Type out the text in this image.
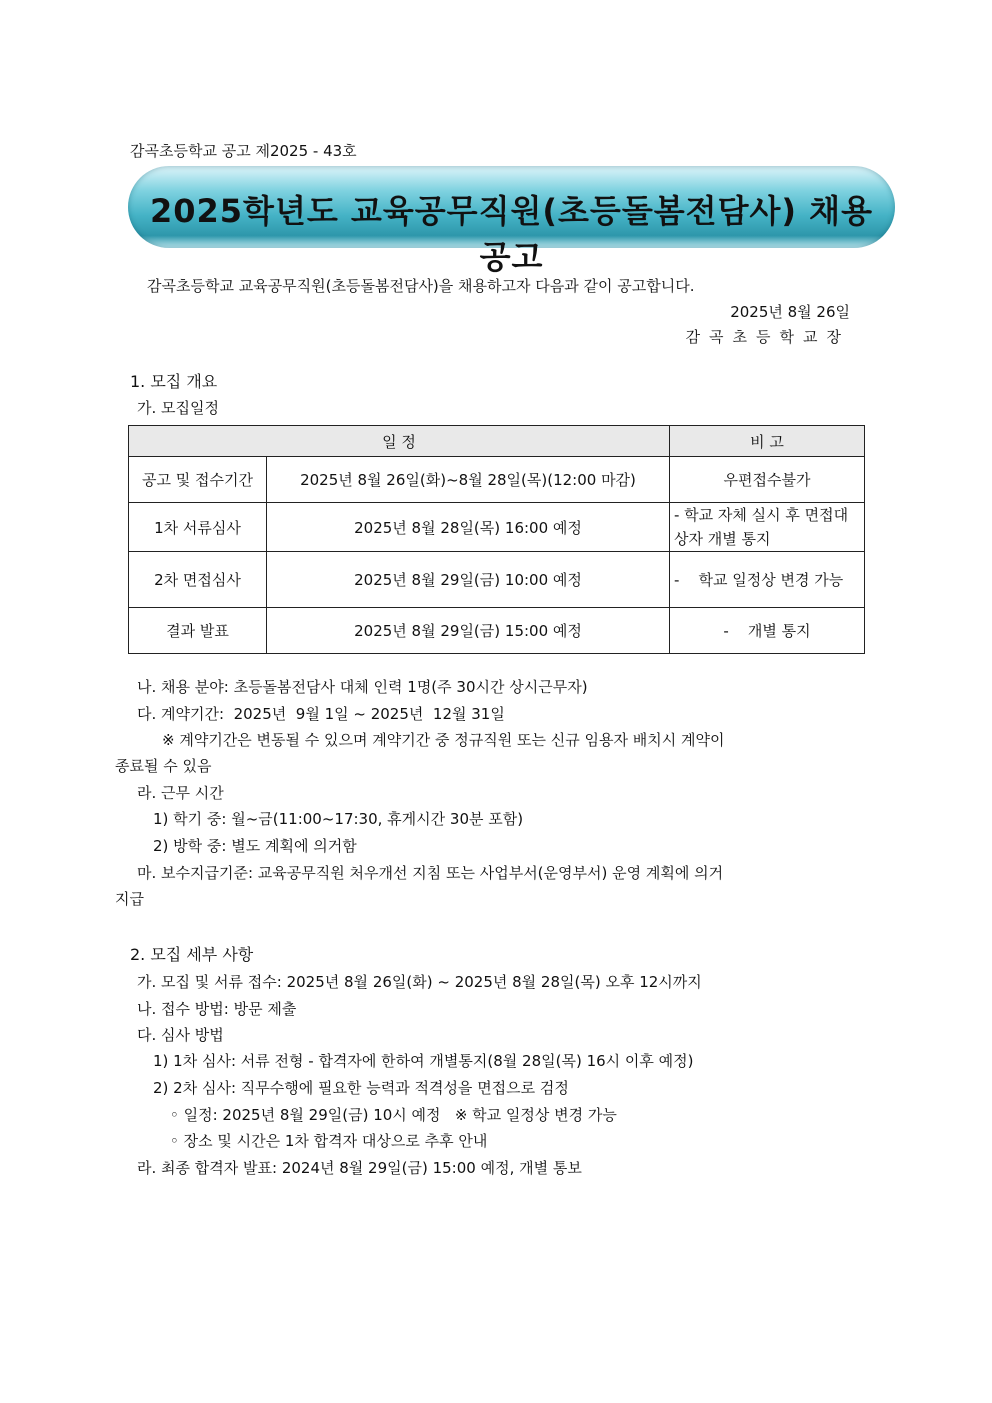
감곡초등학교 공고 제2025 - 43호
2025학년도 교육공무직원(초등돌봄전담사) 채용 공고
감곡초등학교 교육공무직원(초등돌봄전담사)을 채용하고자 다음과 같이 공고합니다.
2025년 8월 26일
감곡초등학교장
1. 모집 개요
가. 모집일정
일 정		비 고
공고 및 접수기간	2025년 8월 26일(화)~8월 28일(목)(12:00 마감)	우편접수불가
1차 서류심사	2025년 8월 28일(목) 16:00 예정	- 학교 자체 실시 후 면접대상자 개별 통지
2차 면접심사	2025년 8월 29일(금) 10:00 예정	-    학교 일정상 변경 가능
결과 발표	2025년 8월 29일(금) 15:00 예정	-    개별 통지
나. 채용 분야: 초등돌봄전담사 대체 인력 1명(주 30시간 상시근무자)
다. 계약기간:  2025년  9월 1일 ~ 2025년  12월 31일
※ 계약기간은 변동될 수 있으며 계약기간 중 정규직원 또는 신규 임용자 배치시 계약이
종료될 수 있음
라. 근무 시간
1) 학기 중: 월~금(11:00~17:30, 휴게시간 30분 포함)
2) 방학 중: 별도 계획에 의거함
마. 보수지급기준: 교육공무직원 처우개선 지침 또는 사업부서(운영부서) 운영 계획에 의거
지급
2. 모집 세부 사항
가. 모집 및 서류 접수: 2025년 8월 26일(화) ~ 2025년 8월 28일(목) 오후 12시까지
나. 접수 방법: 방문 제출
다. 심사 방법
1) 1차 심사: 서류 전형 - 합격자에 한하여 개별통지(8월 28일(목) 16시 이후 예정)
2) 2차 심사: 직무수행에 필요한 능력과 적격성을 면접으로 검정
◦ 일정: 2025년 8월 29일(금) 10시 예정   ※ 학교 일정상 변경 가능
◦ 장소 및 시간은 1차 합격자 대상으로 추후 안내
라. 최종 합격자 발표: 2024년 8월 29일(금) 15:00 예정, 개별 통보
